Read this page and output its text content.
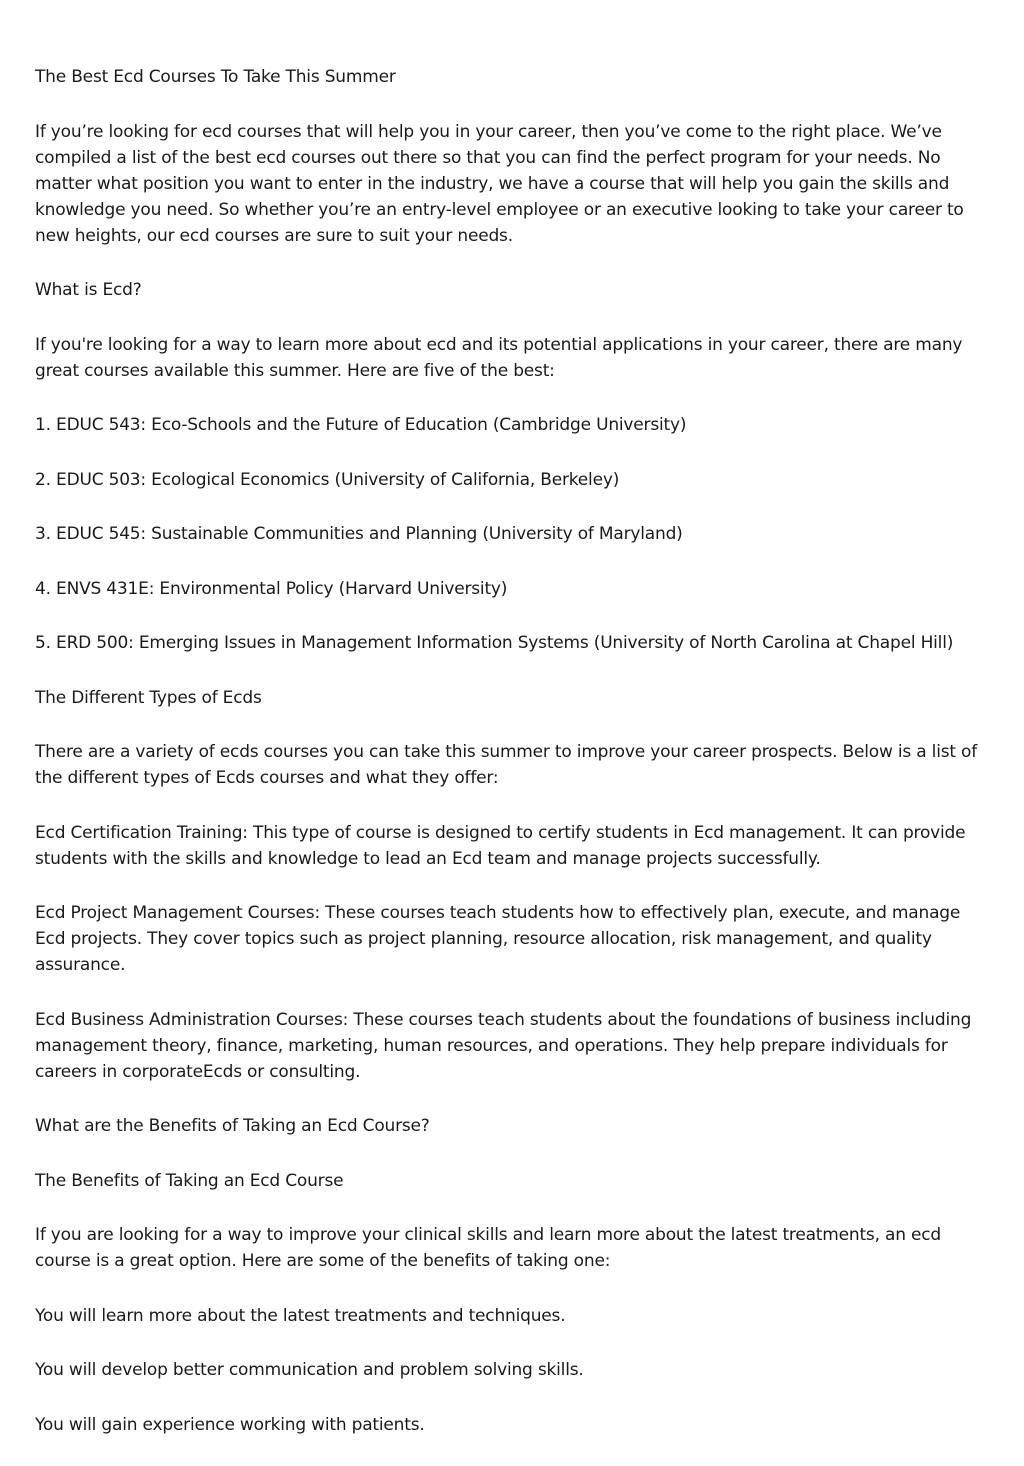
The Best Ecd Courses To Take This Summer

If you’re looking for ecd courses that will help you in your career, then you’ve come to the right place. We’ve compiled a list of the best ecd courses out there so that you can find the perfect program for your needs. No matter what position you want to enter in the industry, we have a course that will help you gain the skills and knowledge you need. So whether you’re an entry-level employee or an executive looking to take your career to new heights, our ecd courses are sure to suit your needs.

What is Ecd?

If you're looking for a way to learn more about ecd and its potential applications in your career, there are many great courses available this summer. Here are five of the best:

1. EDUC 543: Eco-Schools and the Future of Education (Cambridge University)

2. EDUC 503: Ecological Economics (University of California, Berkeley)

3. EDUC 545: Sustainable Communities and Planning (University of Maryland)

4. ENVS 431E: Environmental Policy (Harvard University)

5. ERD 500: Emerging Issues in Management Information Systems (University of North Carolina at Chapel Hill)

The Different Types of Ecds

There are a variety of ecds courses you can take this summer to improve your career prospects. Below is a list of the different types of Ecds courses and what they offer:

Ecd Certification Training: This type of course is designed to certify students in Ecd management. It can provide students with the skills and knowledge to lead an Ecd team and manage projects successfully.

Ecd Project Management Courses: These courses teach students how to effectively plan, execute, and manage Ecd projects. They cover topics such as project planning, resource allocation, risk management, and quality assurance.

Ecd Business Administration Courses: These courses teach students about the foundations of business including management theory, finance, marketing, human resources, and operations. They help prepare individuals for careers in corporateEcds or consulting.

What are the Benefits of Taking an Ecd Course?

The Benefits of Taking an Ecd Course

If you are looking for a way to improve your clinical skills and learn more about the latest treatments, an ecd course is a great option. Here are some of the benefits of taking one:

You will learn more about the latest treatments and techniques.

You will develop better communication and problem solving skills.

You will gain experience working with patients.
